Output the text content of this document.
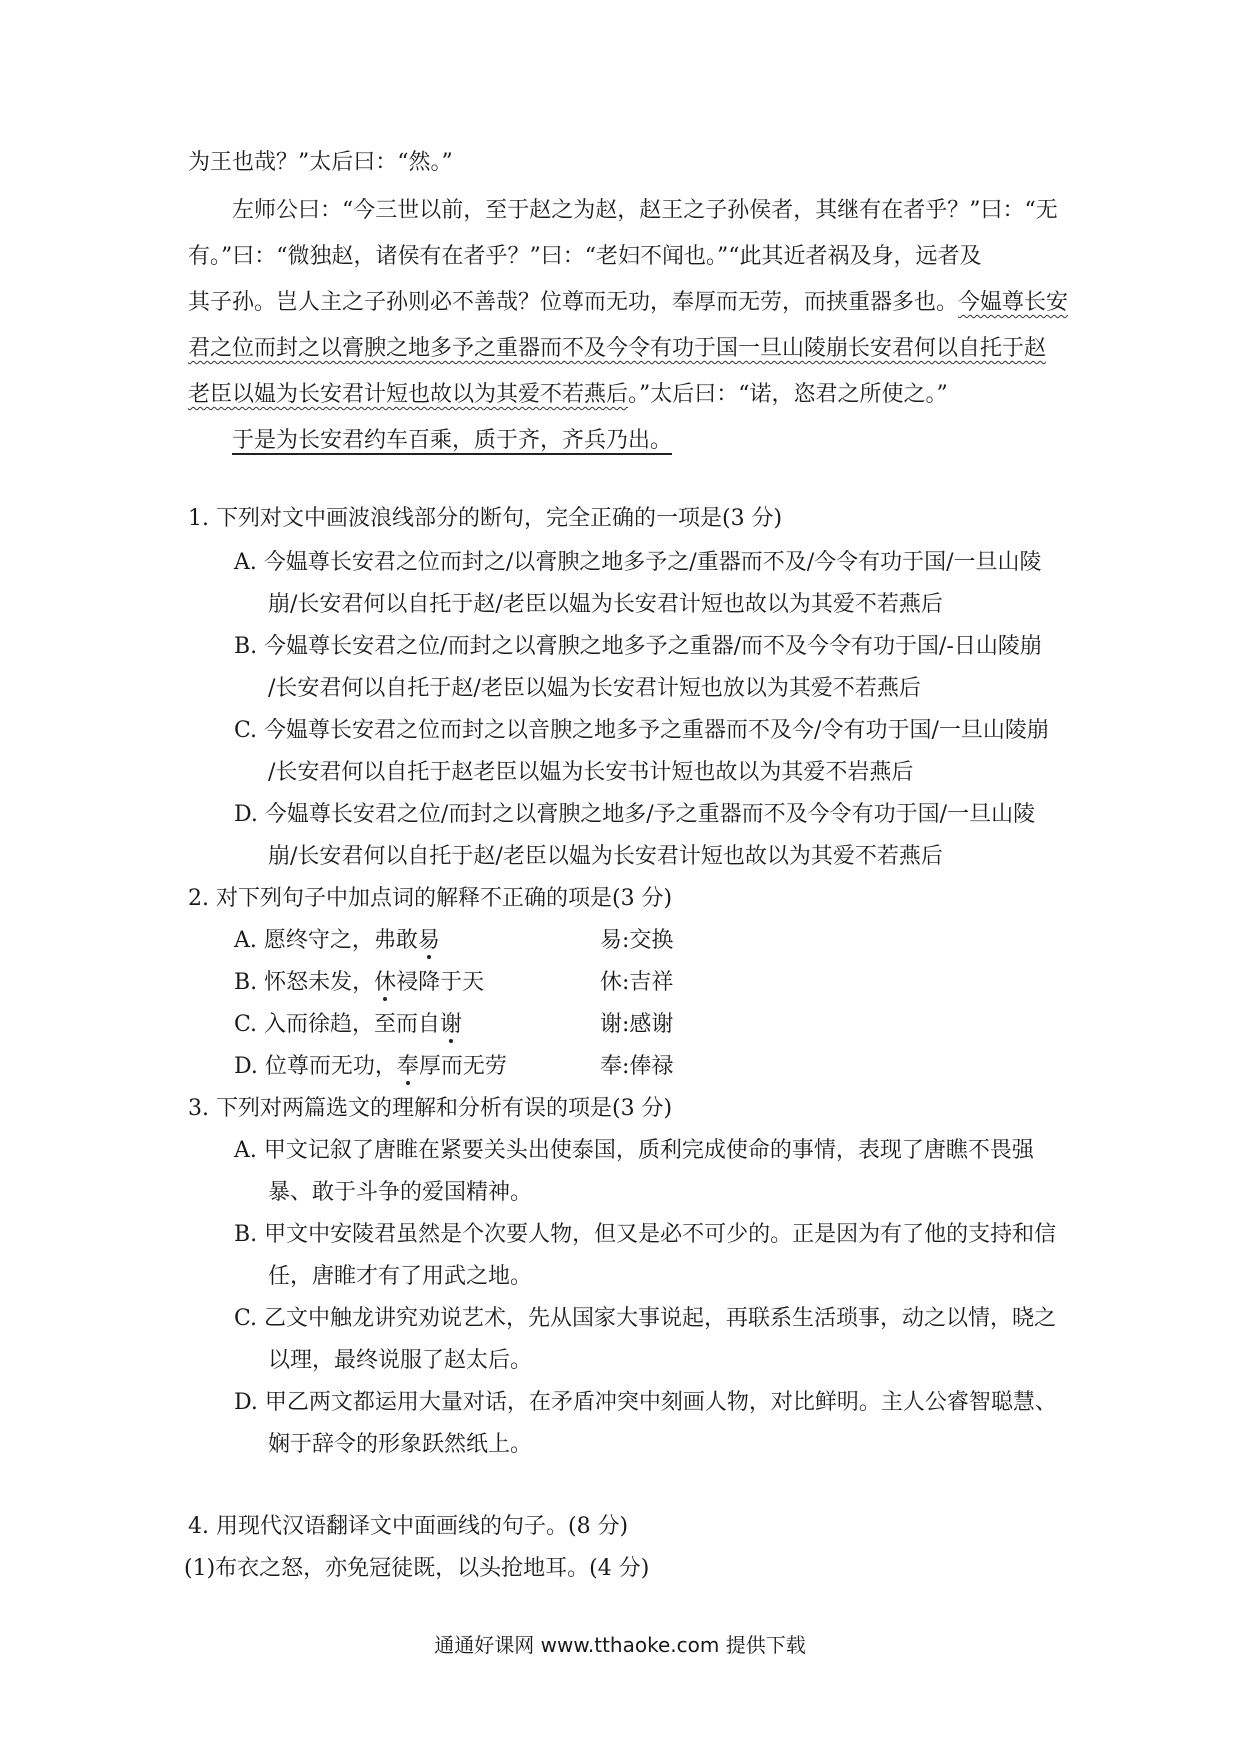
为王也哉？”太后曰：“然。”
左师公曰：“今三世以前，至于赵之为赵，赵王之子孙侯者，其继有在者乎？”曰：“无
有。”曰：“微独赵，诸侯有在者乎？”曰：“老妇不闻也。”“此其近者祸及身，远者及
其子孙。岂人主之子孙则必不善哉？位尊而无功，奉厚而无劳，而挟重器多也。今媪尊长安
君之位而封之以膏腴之地多予之重器而不及今令有功于国一旦山陵崩长安君何以自托于赵
老臣以媪为长安君计短也故以为其爱不若燕后。”太后曰：“诺，恣君之所使之。”
于是为长安君约车百乘，质于齐，齐兵乃出。
1. 下列对文中画波浪线部分的断句，完全正确的一项是(3 分)
A. 今媪尊长安君之位而封之/以膏腴之地多予之/重器而不及/今令有功于国/一旦山陵
崩/长安君何以自托于赵/老臣以媪为长安君计短也故以为其爱不若燕后
B. 今媪尊长安君之位/而封之以膏腴之地多予之重器/而不及今令有功于国/-日山陵崩
/长安君何以自托于赵/老臣以媪为长安君计短也放以为其爱不若燕后
C. 今媪尊长安君之位而封之以音腴之地多予之重器而不及今/令有功于国/一旦山陵崩
/长安君何以自托于赵老臣以媪为长安书计短也故以为其爱不岩燕后
D. 今媪尊长安君之位/而封之以膏腴之地多/予之重器而不及今令有功于国/一旦山陵
崩/长安君何以自托于赵/老臣以媪为长安君计短也故以为其爱不若燕后
2. 对下列句子中加点词的解释不正确的项是(3 分)
A. 愿终守之，弗敢易	易:交换
B. 怀怒未发，休祲降于天	休:吉祥
C. 入而徐趋，至而自谢	谢:感谢
D. 位尊而无功，奉厚而无劳	奉:俸禄
3. 下列对两篇选文的理解和分析有误的项是(3 分)
A. 甲文记叙了唐睢在紧要关头出使泰国，质利完成使命的事情，表现了唐瞧不畏强
暴、敢于斗争的爱国精神。
B. 甲文中安陵君虽然是个次要人物，但又是必不可少的。正是因为有了他的支持和信
任，唐睢才有了用武之地。
C. 乙文中触龙讲究劝说艺术，先从国家大事说起，再联系生活琐事，动之以情，晓之
以理，最终说服了赵太后。
D. 甲乙两文都运用大量对话，在矛盾冲突中刻画人物，对比鲜明。主人公睿智聪慧、
娴于辞令的形象跃然纸上。
4. 用现代汉语翻译文中面画线的句子。(8 分)
(1)布衣之怒，亦免冠徒既，以头抢地耳。(4 分)
通通好课网 www.tthaoke.com 提供下载
